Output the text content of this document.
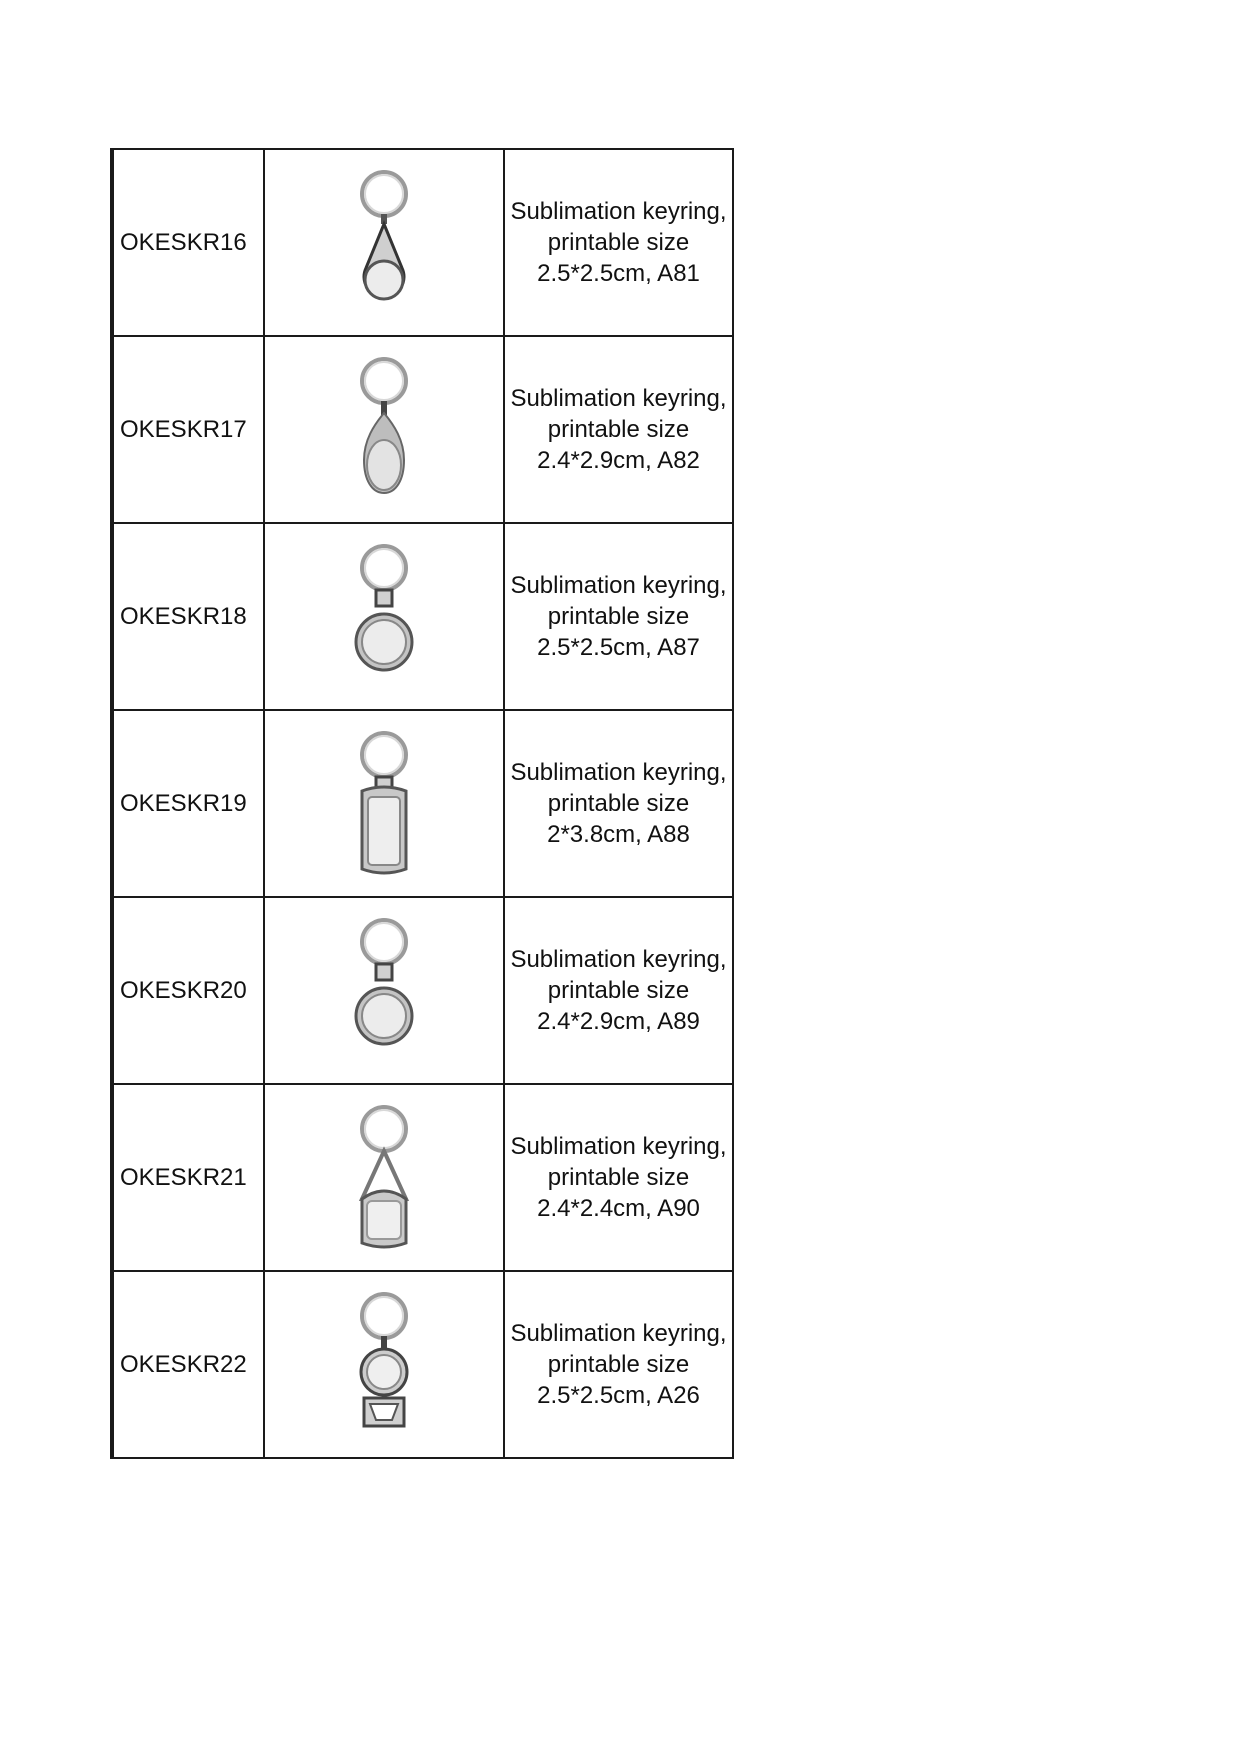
OKESKR16		Sublimation keyring,
printable size
2.5*2.5cm, A81

OKESKR17		Sublimation keyring,
printable size
2.4*2.9cm, A82

OKESKR18		Sublimation keyring,
printable size
2.5*2.5cm, A87

OKESKR19		Sublimation keyring,
printable size
2*3.8cm, A88

OKESKR20		Sublimation keyring,
printable size
2.4*2.9cm, A89

OKESKR21		Sublimation keyring,
printable size
2.4*2.4cm, A90

OKESKR22		Sublimation keyring,
printable size
2.5*2.5cm, A26
